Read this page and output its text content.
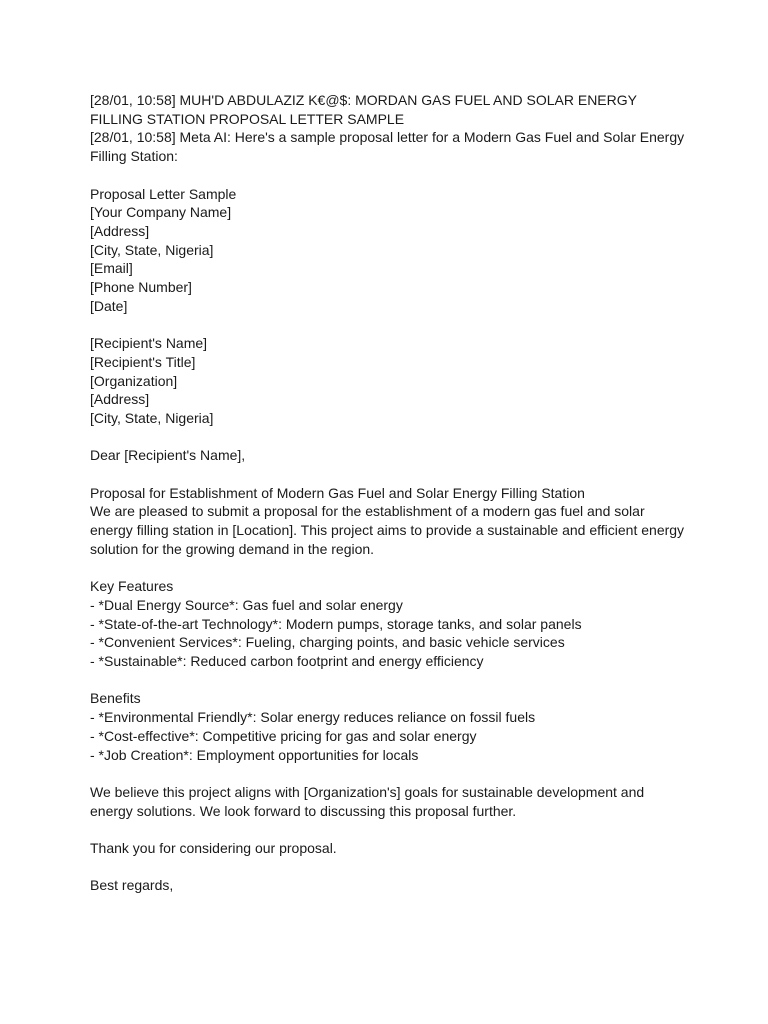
[28/01, 10:58] MUH'D ABDULAZIZ K€@$: MORDAN GAS FUEL AND SOLAR ENERGY FILLING STATION PROPOSAL LETTER SAMPLE

[28/01, 10:58] Meta AI: Here's a sample proposal letter for a Modern Gas Fuel and Solar Energy Filling Station:

Proposal Letter Sample

[Your Company Name]

[Address]

[City, State, Nigeria]

[Email]

[Phone Number]

[Date]

[Recipient's Name]

[Recipient's Title]

[Organization]

[Address]

[City, State, Nigeria]

Dear [Recipient's Name],

Proposal for Establishment of Modern Gas Fuel and Solar Energy Filling Station

We are pleased to submit a proposal for the establishment of a modern gas fuel and solar energy filling station in [Location]. This project aims to provide a sustainable and efficient energy solution for the growing demand in the region.

Key Features

- *Dual Energy Source*: Gas fuel and solar energy

- *State-of-the-art Technology*: Modern pumps, storage tanks, and solar panels

- *Convenient Services*: Fueling, charging points, and basic vehicle services

- *Sustainable*: Reduced carbon footprint and energy efficiency

Benefits

- *Environmental Friendly*: Solar energy reduces reliance on fossil fuels

- *Cost-effective*: Competitive pricing for gas and solar energy

- *Job Creation*: Employment opportunities for locals

We believe this project aligns with [Organization's] goals for sustainable development and energy solutions. We look forward to discussing this proposal further.

Thank you for considering our proposal.

Best regards,
